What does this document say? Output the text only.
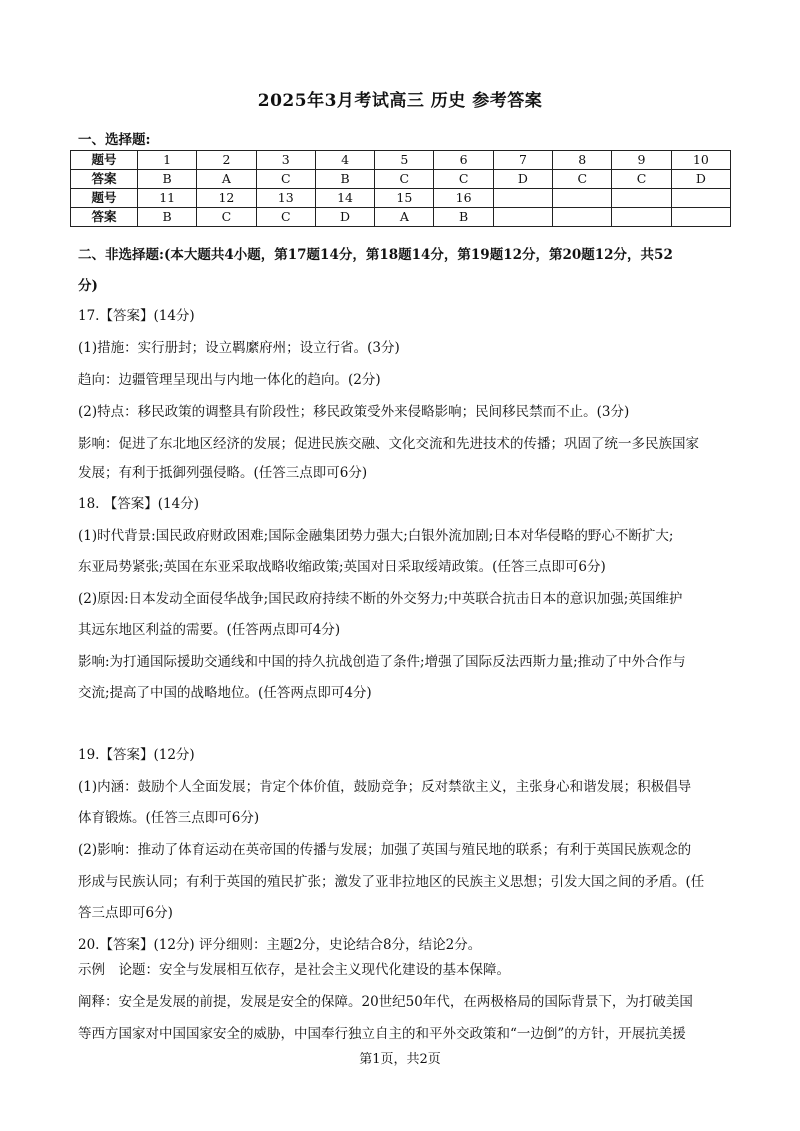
2025年3月考试高三 历史 参考答案
一、选择题:
题号	1	2	3	4	5	6	7	8	9	10
答案	B	A	C	B	C	C	D	C	C	D
题号	11	12	13	14	15	16				
答案	B	C	C	D	A	B				
二、非选择题:(本大题共4小题，第17题14分，第18题14分，第19题12分，第20题12分，共52
分)
17.【答案】(14分)
(1)措施：实行册封；设立羁縻府州；设立行省。(3分)
趋向：边疆管理呈现出与内地一体化的趋向。(2分)
(2)特点：移民政策的调整具有阶段性；移民政策受外来侵略影响；民间移民禁而不止。(3分)
影响：促进了东北地区经济的发展；促进民族交融、文化交流和先进技术的传播；巩固了统一多民族国家
发展；有利于抵御列强侵略。(任答三点即可6分)
18. 【答案】(14分)
(1)时代背景:国民政府财政困难;国际金融集团势力强大;白银外流加剧;日本对华侵略的野心不断扩大;
东亚局势紧张;英国在东亚采取战略收缩政策;英国对日采取绥靖政策。(任答三点即可6分)
(2)原因:日本发动全面侵华战争;国民政府持续不断的外交努力;中英联合抗击日本的意识加强;英国维护
其远东地区利益的需要。(任答两点即可4分)
影响:为打通国际援助交通线和中国的持久抗战创造了条件;增强了国际反法西斯力量;推动了中外合作与
交流;提高了中国的战略地位。(任答两点即可4分)
19.【答案】(12分)
(1)内涵：鼓励个人全面发展；肯定个体价值，鼓励竞争；反对禁欲主义，主张身心和谐发展；积极倡导
体育锻炼。(任答三点即可6分)
(2)影响：推动了体育运动在英帝国的传播与发展；加强了英国与殖民地的联系；有利于英国民族观念的
形成与民族认同；有利于英国的殖民扩张；激发了亚非拉地区的民族主义思想；引发大国之间的矛盾。(任
答三点即可6分)
20.【答案】(12分) 评分细则：主题2分，史论结合8分，结论2分。
示例　论题：安全与发展相互依存，是社会主义现代化建设的基本保障。
阐释：安全是发展的前提，发展是安全的保障。20世纪50年代，在两极格局的国际背景下，为打破美国
等西方国家对中国国家安全的威胁，中国奉行独立自主的和平外交政策和“一边倒”的方针，开展抗美援
第1页，共2页
